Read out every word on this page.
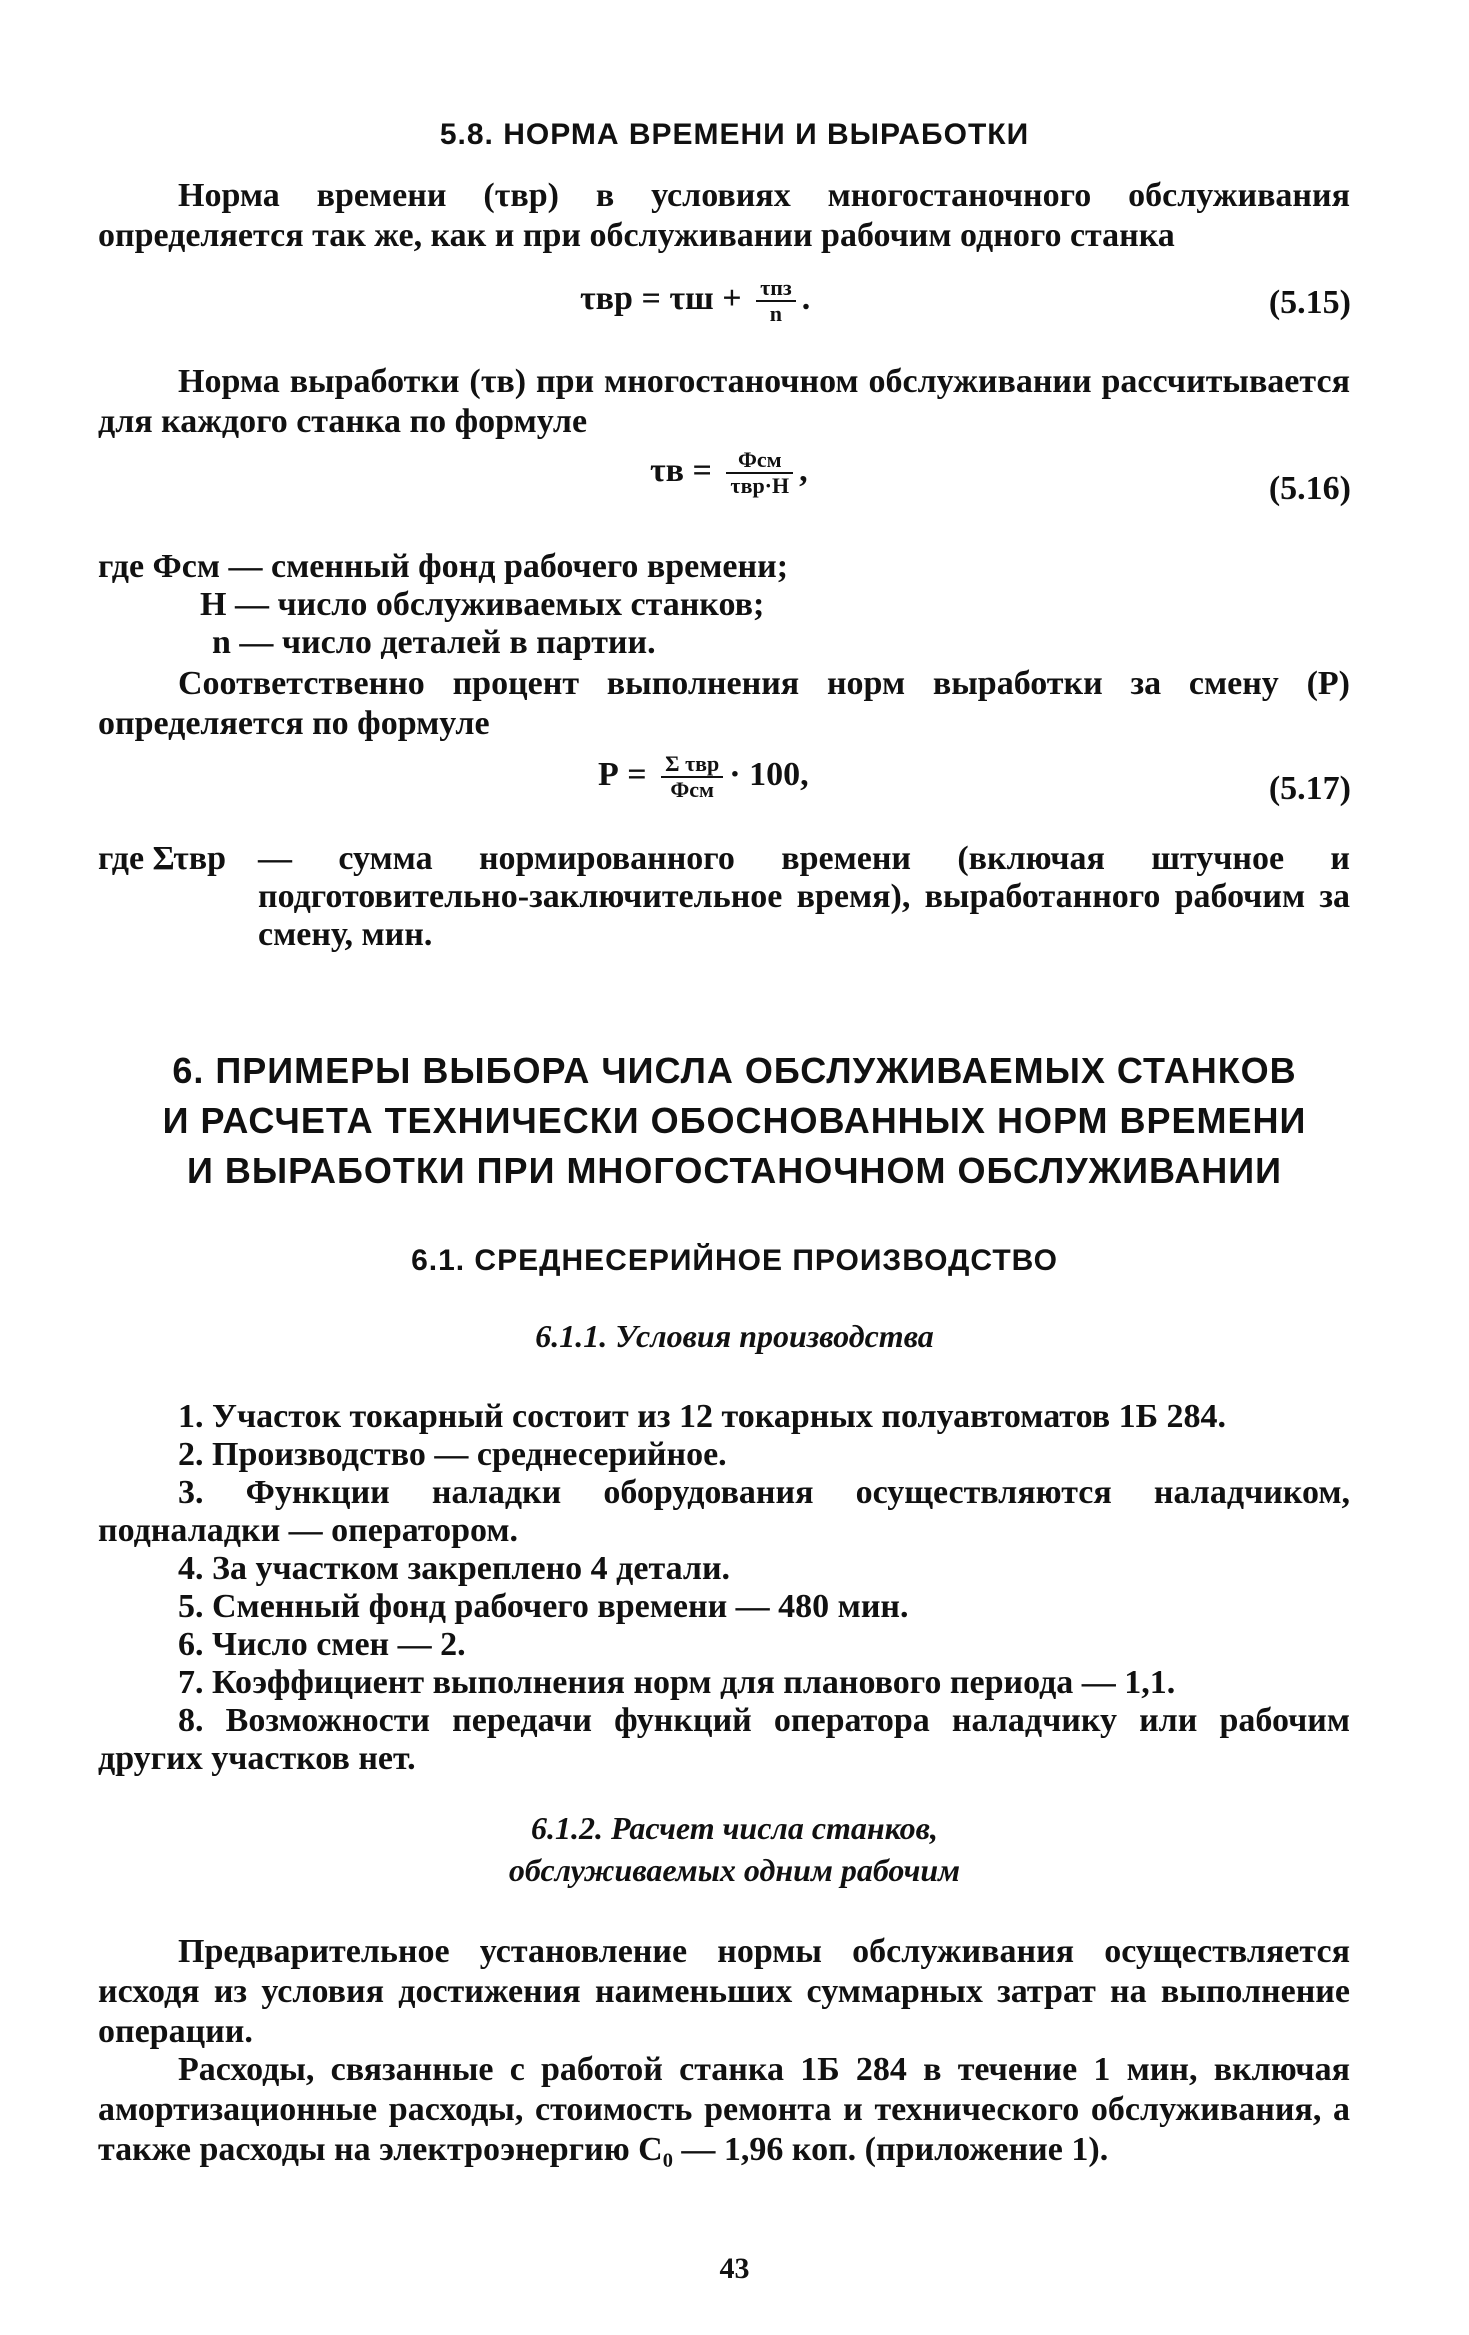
5.8. НОРМА ВРЕМЕНИ И ВЫРАБОТКИ
Норма времени (τвр) в условиях многостаночного обслуживания определяется так же, как и при обслуживании рабочим одного станка
$\tau вр = \tau ш + \frac{\text{τпз}}{n}$ .	(5.15)
Норма выработки (τв) при многостаночном обслуживании рассчитывается для каждого станка по формуле
$\tau в = \frac{\text{Фсм}}{\text{τвр·Н}}$ ,	(5.16)
где Фсм — сменный фонд рабочего времени;
Н — число обслуживаемых станков;
n — число деталей в партии.
Соответственно процент выполнения норм выработки за смену (Р) определяется по формуле
$Р = \frac{\text{Σ τвр}}{\text{Фсм}} \cdot 100$,	(5.17)
где Στвр — сумма нормированного времени (включая штучное и подготовительно-заключительное время), выработанного рабочим за смену, мин.
6. ПРИМЕРЫ ВЫБОРА ЧИСЛА ОБСЛУЖИВАЕМЫХ СТАНКОВ
И РАСЧЕТА ТЕХНИЧЕСКИ ОБОСНОВАННЫХ НОРМ ВРЕМЕНИ
И ВЫРАБОТКИ ПРИ МНОГОСТАНОЧНОМ ОБСЛУЖИВАНИИ
6.1. СРЕДНЕСЕРИЙНОЕ ПРОИЗВОДСТВО
6.1.1. Условия производства
1. Участок токарный состоит из 12 токарных полуавтоматов 1Б 284.
2. Производство — среднесерийное.
3. Функции наладки оборудования осуществляются наладчиком, подналадки — оператором.
4. За участком закреплено 4 детали.
5. Сменный фонд рабочего времени — 480 мин.
6. Число смен — 2.
7. Коэффициент выполнения норм для планового периода — 1,1.
8. Возможности передачи функций оператора наладчику или рабочим других участков нет.
6.1.2. Расчет числа станков,
обслуживаемых одним рабочим
Предварительное установление нормы обслуживания осуществляется исходя из условия достижения наименьших суммарных затрат на выполнение операции.
Расходы, связанные с работой станка 1Б 284 в течение 1 мин, включая амортизационные расходы, стоимость ремонта и технического обслуживания, а также расходы на электроэнергию С₀ — 1,96 коп. (приложение 1).
43
